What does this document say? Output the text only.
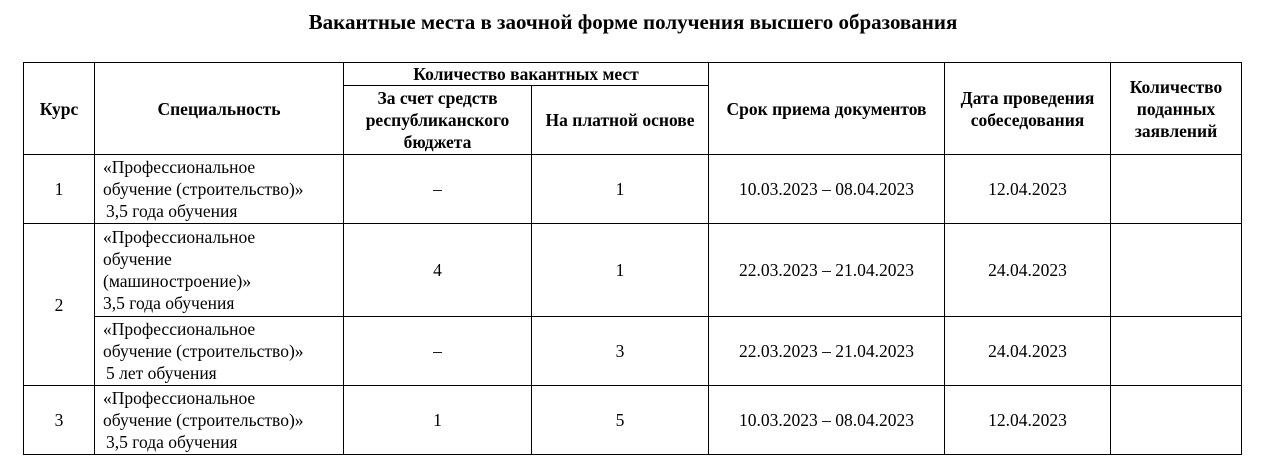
Вакантные места в заочной форме получения высшего образования
Курс	Специальность	Количество вакантных мест		Срок приема документов	Дата проведения собеседования	Количество поданных заявлений
		За счет средств республиканского бюджета	На платной основе			
1	«Профессиональное
обучение (строительство)»
3,5 года обучения	–	1	10.03.2023 – 08.04.2023	12.04.2023	
2	«Профессиональное
обучение
(машиностроение)»
3,5 года обучения	4	1	22.03.2023 – 21.04.2023	24.04.2023	

	«Профессиональное
обучение (строительство)»
5 лет обучения	–	3	22.03.2023 – 21.04.2023	24.04.2023	
3	«Профессиональное
обучение (строительство)»
3,5 года обучения	1	5	10.03.2023 – 08.04.2023	12.04.2023	
